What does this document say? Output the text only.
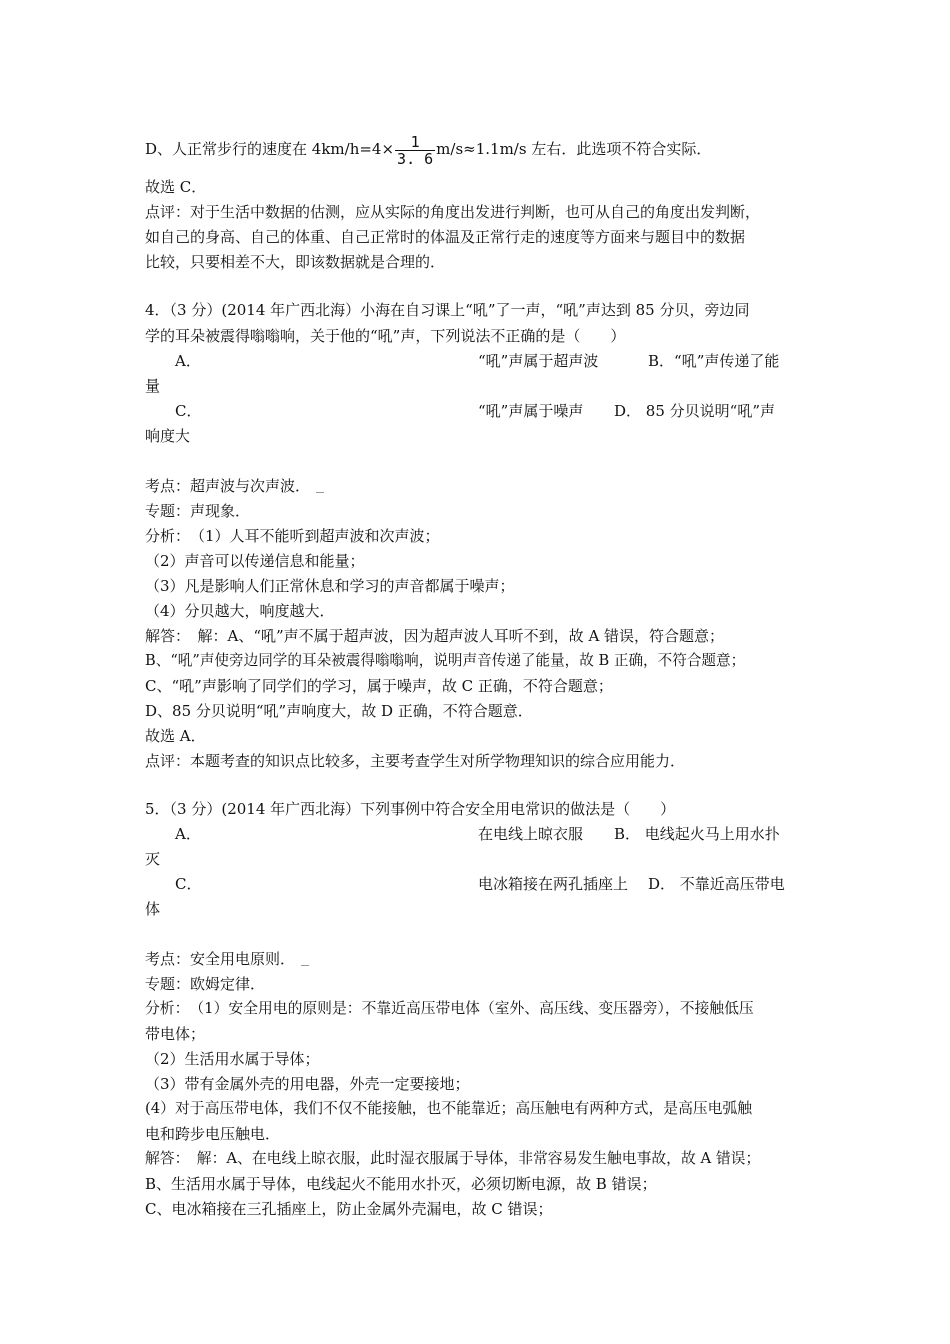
D、人正常步行的速度在 $4km/h=4\times \frac{1}{3. 6} m/s\approx 1.1m/s$ 左右．此选项不符合实际．
故选 C．
点评：对于生活中数据的估测，应从实际的角度出发进行判断，也可从自己的角度出发判断，
如自己的身高、自己的体重、自己正常时的体温及正常行走的速度等方面来与题目中的数据
比较，只要相差不大，即该数据就是合理的．
4．（3 分）(2014 年广西北海）小海在自习课上“吼”了一声，“吼”声达到 85 分贝，旁边同
学的耳朵被震得嗡嗡响，关于他的“吼”声，下列说法不正确的是（　　）
A．	“吼”声属于超声波	B．“吼”声传递了能
量
C．	“吼”声属于噪声 D． 85 分贝说明“吼”声
响度大
考点：超声波与次声波．
专题：声现象．
分析：　（1）人耳不能听到超声波和次声波；
（2）声音可以传递信息和能量；
（3）凡是影响人们正常休息和学习的声音都属于噪声；
（4）分贝越大，响度越大．
解答：　解：A、“吼”声不属于超声波，因为超声波人耳听不到，故 A 错误，符合题意；
B、“吼”声使旁边同学的耳朵被震得嗡嗡响，说明声音传递了能量，故 B 正确，不符合题意；
C、“吼”声影响了同学们的学习，属于噪声，故 C 正确，不符合题意；
D、85 分贝说明“吼”声响度大，故 D 正确，不符合题意．
故选 A．
点评：本题考查的知识点比较多，主要考查学生对所学物理知识的综合应用能力．
5．（3 分）(2014 年广西北海）下列事例中符合安全用电常识的做法是（　　）
A．	在电线上晾衣服 B． 电线起火马上用水扑
灭
C．	电冰箱接在两孔插座上 D． 不靠近高压带电
体
考点：安全用电原则．
专题：欧姆定律．
分析：　（1）安全用电的原则是：不靠近高压带电体（室外、高压线、变压器旁），不接触低压
带电体；
（2）生活用水属于导体；
（3）带有金属外壳的用电器，外壳一定要接地；
(4）对于高压带电体，我们不仅不能接触，也不能靠近；高压触电有两种方式，是高压电弧触
电和跨步电压触电．
解答：　解：A、在电线上晾衣服，此时湿衣服属于导体，非常容易发生触电事故，故 A 错误；
B、生活用水属于导体，电线起火不能用水扑灭，必须切断电源，故 B 错误；
C、电冰箱接在三孔插座上，防止金属外壳漏电，故 C 错误；
